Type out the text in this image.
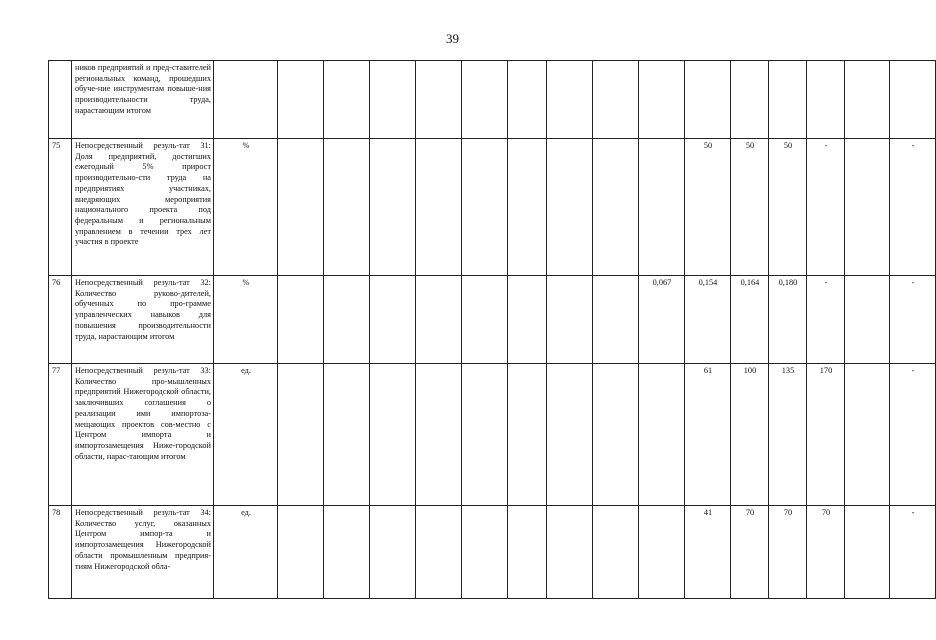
39
	ников предприятий и пред-ставителей региональных команд, прошедших обуче-ние инструментам повыше-ния производительности труда, нарастающим итогом																
75	Непосредственный резуль-тат 31: Доля предприятий, достигших ежегодный 5% прирост производительно-сти труда на предприятиях участниках, внедряющих мероприятия национального проекта под федеральным и региональным управлением в течении трех лет участия в проекте	%										50	50	50	-		-
76	Непосредственный резуль-тат 32: Количество руково-дителей, обученных по про-грамме управленческих навыков для повышения производительности труда, нарастающим итогом	%									0,067	0,154	0,164	0,180	-		-
77	Непосредственный резуль-тат 33: Количество про-мышленных предприятий Нижегородской области, заключивших соглашения о реализации ими импортоза-мещающих проектов сов-местно с Центром импорта и импортозамещения Ниже-городской области, нарас-тающим итогом	ед.										61	100	135	170		-
78	Непосредственный резуль-тат 34: Количество услуг, оказанных Центром импор-та и импортозамещения Нижегородской области промышленным предприя-тиям Нижегородской обла-	ед.										41	70	70	70		-
